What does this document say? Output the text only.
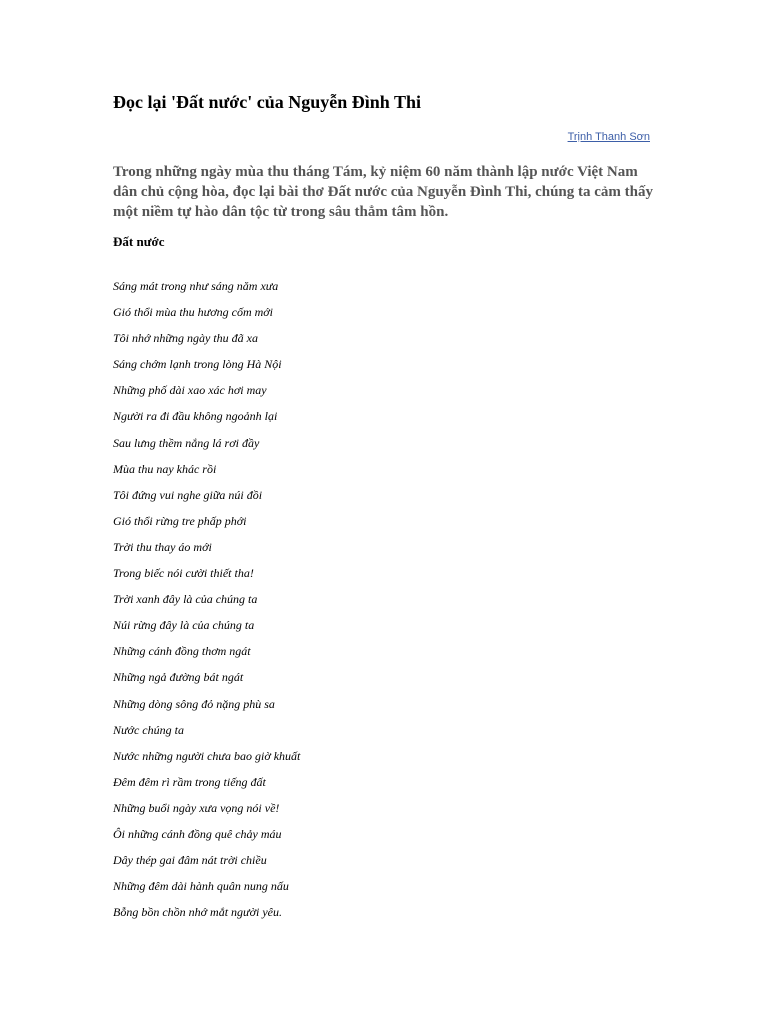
Đọc lại 'Đất nước' của Nguyễn Đình Thi
Trịnh Thanh Sơn

Trong những ngày mùa thu tháng Tám, kỷ niệm 60 năm thành lập nước Việt Nam dân chủ cộng hòa, đọc lại bài thơ Đất nước của Nguyễn Đình Thi, chúng ta cảm thấy một niềm tự hào dân tộc từ trong sâu thẳm tâm hồn.

Đất nước
Sáng mát trong như sáng năm xưa
Gió thổi mùa thu hương cốm mới
Tôi nhớ những ngày thu đã xa
Sáng chớm lạnh trong lòng Hà Nội
Những phố dài xao xác hơi may
Người ra đi đầu không ngoảnh lại
Sau lưng thềm nắng lá rơi đầy
Mùa thu nay khác rồi
Tôi đứng vui nghe giữa núi đồi
Gió thổi rừng tre phấp phới
Trời thu thay áo mới
Trong biếc nói cười thiết tha!
Trời xanh đây là của chúng ta
Núi rừng đây là của chúng ta
Những cánh đồng thơm ngát
Những ngả đường bát ngát
Những dòng sông đỏ nặng phù sa
Nước chúng ta
Nước những người chưa bao giờ khuất
Đêm đêm rì rầm trong tiếng đất
Những buổi ngày xưa vọng nói về!
Ôi những cánh đồng quê chảy máu
Dây thép gai đâm nát trời chiều
Những đêm dài hành quân nung nấu
Bỗng bồn chồn nhớ mắt người yêu.
